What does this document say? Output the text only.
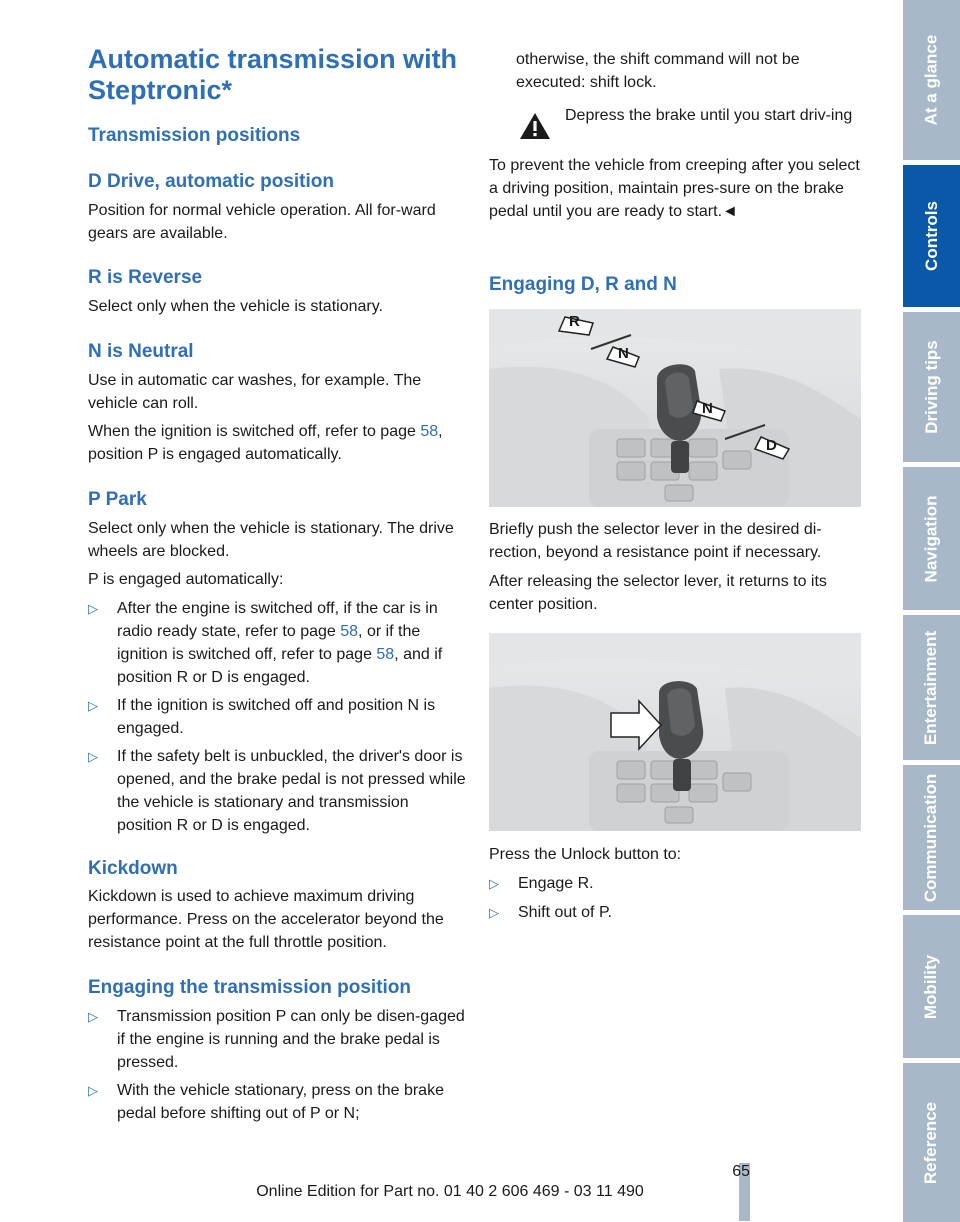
Automatic transmission with Steptronic*
Transmission positions
D Drive, automatic position

Position for normal vehicle operation. All for-ward gears are available.

R is Reverse

Select only when the vehicle is stationary.

N is Neutral

Use in automatic car washes, for example. The vehicle can roll.

When the ignition is switched off, refer to page 58, position P is engaged automatically.

P Park

Select only when the vehicle is stationary. The drive wheels are blocked.

P is engaged automatically:

▷ After the engine is switched off, if the car is in radio ready state, refer to page 58, or if the ignition is switched off, refer to page 58, and if position R or D is engaged.
▷ If the ignition is switched off and position N is engaged.
▷ If the safety belt is unbuckled, the driver's door is opened, and the brake pedal is not pressed while the vehicle is stationary and transmission position R or D is engaged.
Kickdown

Kickdown is used to achieve maximum driving performance. Press on the accelerator beyond the resistance point at the full throttle position.

Engaging the transmission position
▷ Transmission position P can only be disen-gaged if the engine is running and the brake pedal is pressed.
▷ With the vehicle stationary, press on the brake pedal before shifting out of P or N;

otherwise, the shift command will not be executed: shift lock.

Depress the brake until you start driv-ing

To prevent the vehicle from creeping after you select a driving position, maintain pres-sure on the brake pedal until you are ready to start.◄

Engaging D, R and N
R
N
N
D

Briefly push the selector lever in the desired di-rection, beyond a resistance point if necessary.

After releasing the selector lever, it returns to its center position.

Press the Unlock button to:

▷ Engage R.
▷ Shift out of P.
At a glance
Controls
Driving tips
Navigation
Entertainment
Communication
Mobility
Reference
65
Online Edition for Part no. 01 40 2 606 469 - 03 11 490
